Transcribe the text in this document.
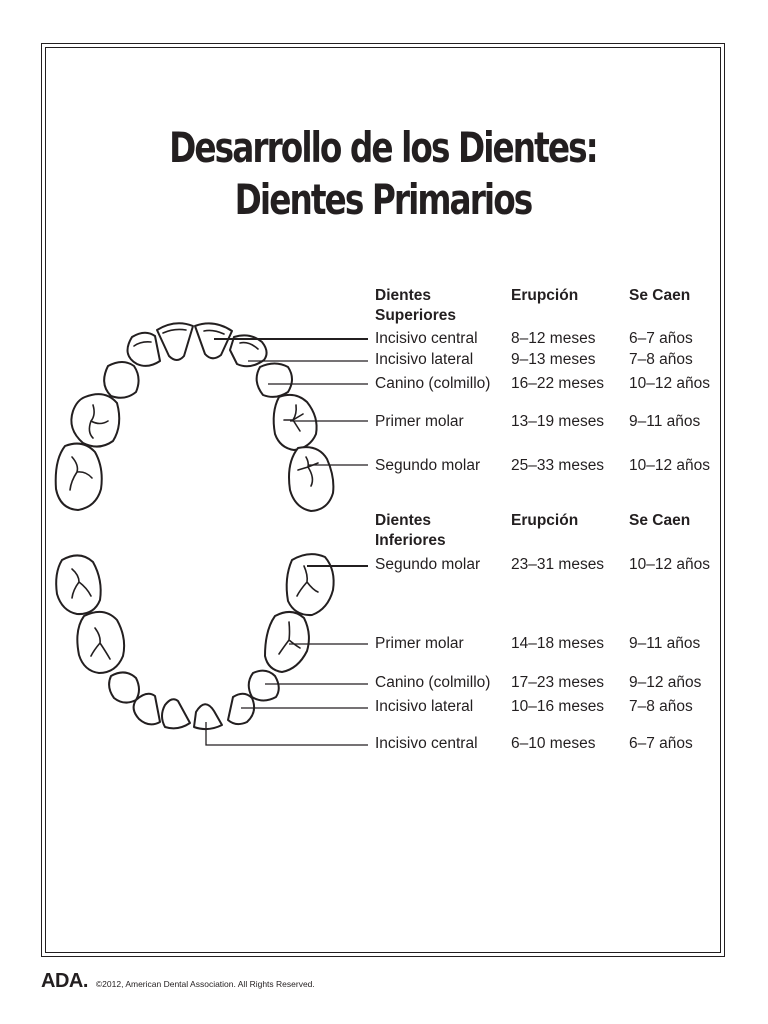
Desarrollo de los Dientes:
Dientes Primarios
Dientes
Superiores
Erupción	Se Caen
Incisivo central 8–12 meses 6–7 años
Incisivo lateral 9–13 meses 7–8 años
Canino (colmillo) 16–22 meses 10–12 años
Primer molar	13–19 meses 9–11 años
Segundo molar 25–33 meses 10–12 años
Dientes
Inferiores
Erupción	Se Caen
Segundo molar 23–31 meses 10–12 años
Primer molar	14–18 meses 9–11 años
Canino (colmillo) 17–23 meses 9–12 años
Incisivo lateral 10–16 meses 7–8 años
Incisivo central 6–10 meses 6–7 años
ADA. ©2012, American Dental Association. All Rights Reserved.
